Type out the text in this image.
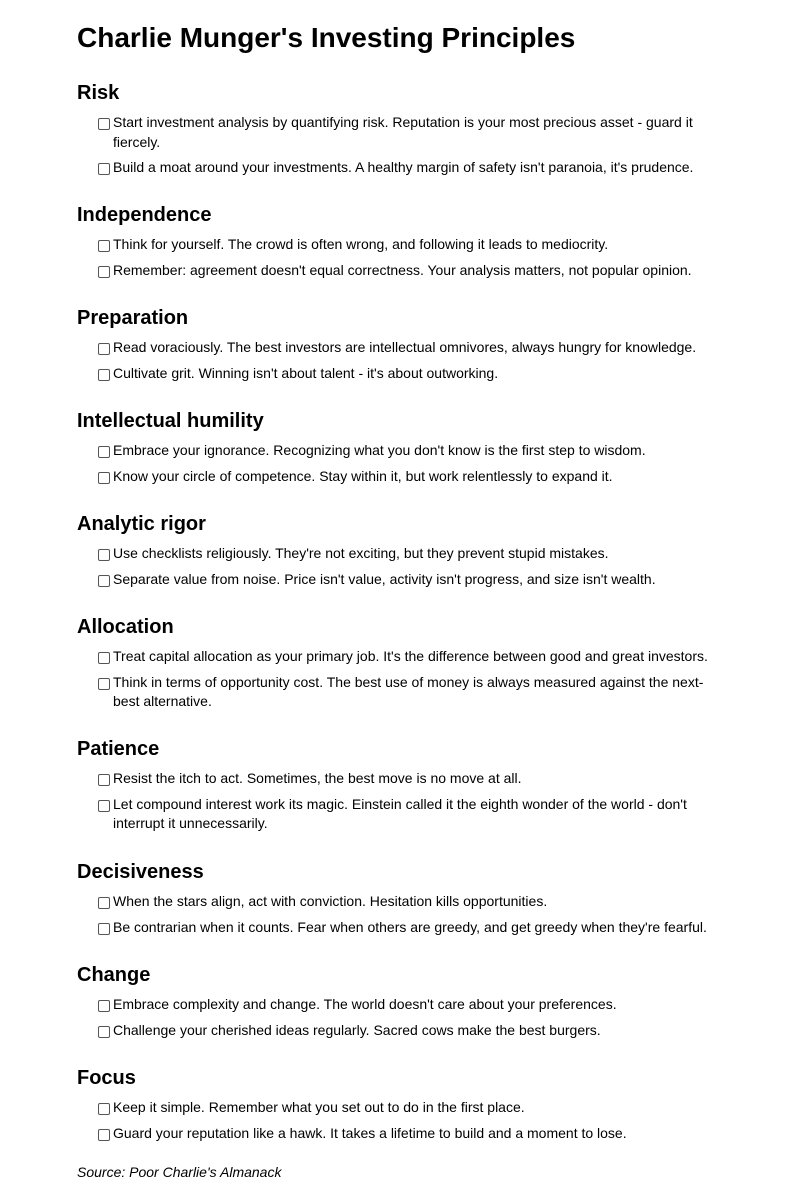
Charlie Munger's Investing Principles
Risk
Start investment analysis by quantifying risk. Reputation is your most precious asset - guard it fiercely.
Build a moat around your investments. A healthy margin of safety isn't paranoia, it's prudence.
Independence
Think for yourself. The crowd is often wrong, and following it leads to mediocrity.
Remember: agreement doesn't equal correctness. Your analysis matters, not popular opinion.
Preparation
Read voraciously. The best investors are intellectual omnivores, always hungry for knowledge.
Cultivate grit. Winning isn't about talent - it's about outworking.
Intellectual humility
Embrace your ignorance. Recognizing what you don't know is the first step to wisdom.
Know your circle of competence. Stay within it, but work relentlessly to expand it.
Analytic rigor
Use checklists religiously. They're not exciting, but they prevent stupid mistakes.
Separate value from noise. Price isn't value, activity isn't progress, and size isn't wealth.
Allocation
Treat capital allocation as your primary job. It's the difference between good and great investors.
Think in terms of opportunity cost. The best use of money is always measured against the next-best alternative.
Patience
Resist the itch to act. Sometimes, the best move is no move at all.
Let compound interest work its magic. Einstein called it the eighth wonder of the world - don't interrupt it unnecessarily.
Decisiveness
When the stars align, act with conviction. Hesitation kills opportunities.
Be contrarian when it counts. Fear when others are greedy, and get greedy when they're fearful.
Change
Embrace complexity and change. The world doesn't care about your preferences.
Challenge your cherished ideas regularly. Sacred cows make the best burgers.
Focus
Keep it simple. Remember what you set out to do in the first place.
Guard your reputation like a hawk. It takes a lifetime to build and a moment to lose.
Source: Poor Charlie's Almanack
